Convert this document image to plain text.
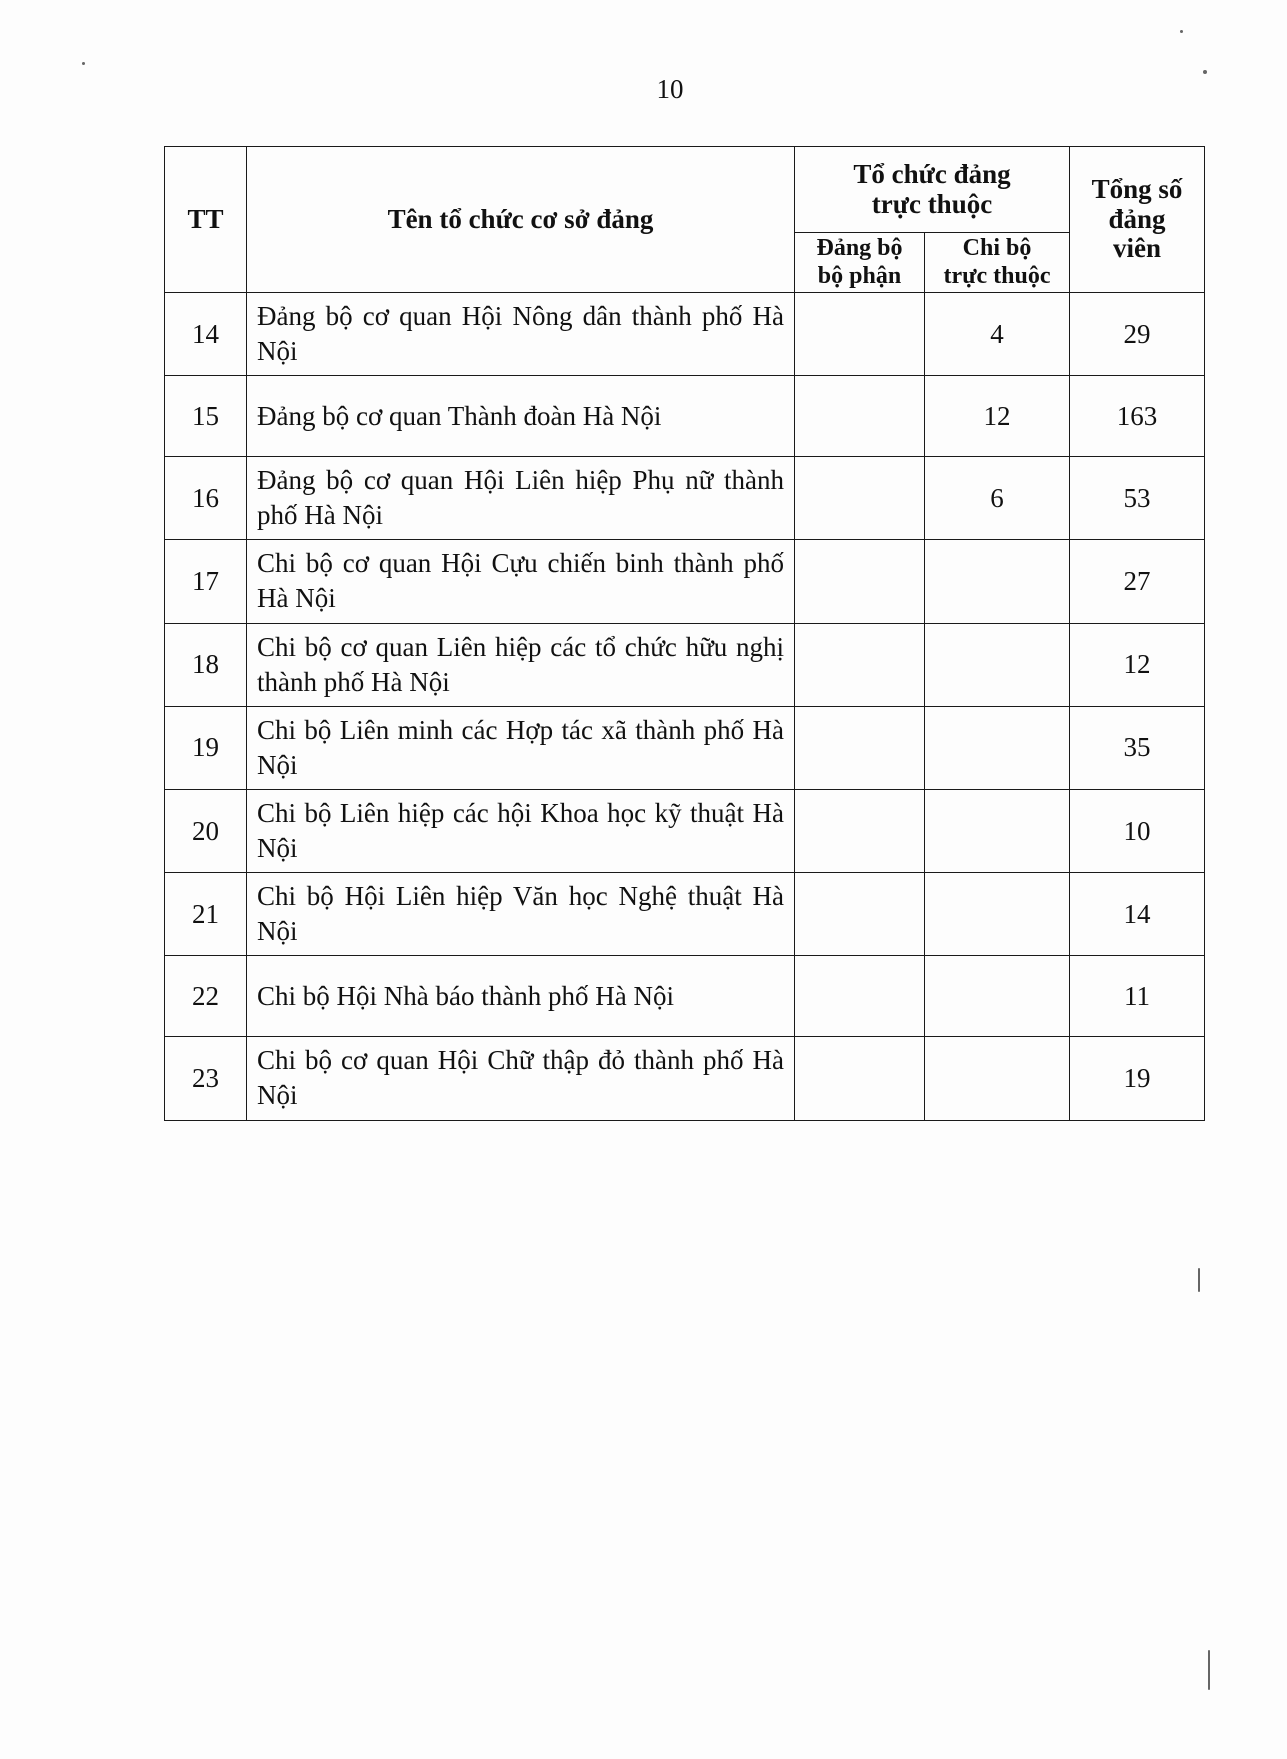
10
TT	Tên tổ chức cơ sở đảng	Tổ chức đảng trực thuộc		Tổng số đảng viên
		Đảng bộ bộ phận	Chi bộ trực thuộc	
14	Đảng bộ cơ quan Hội Nông dân thành phố Hà Nội		4	29
15	Đảng bộ cơ quan Thành đoàn Hà Nội		12	163
16	Đảng bộ cơ quan Hội Liên hiệp Phụ nữ thành phố Hà Nội		6	53
17	Chi bộ cơ quan Hội Cựu chiến binh thành phố Hà Nội			27
18	Chi bộ cơ quan Liên hiệp các tổ chức hữu nghị thành phố Hà Nội			12
19	Chi bộ Liên minh các Hợp tác xã thành phố Hà Nội			35
20	Chi bộ Liên hiệp các hội Khoa học kỹ thuật Hà Nội			10
21	Chi bộ Hội Liên hiệp Văn học Nghệ thuật Hà Nội			14
22	Chi bộ Hội Nhà báo thành phố Hà Nội			11
23	Chi bộ cơ quan Hội Chữ thập đỏ thành phố Hà Nội			19
